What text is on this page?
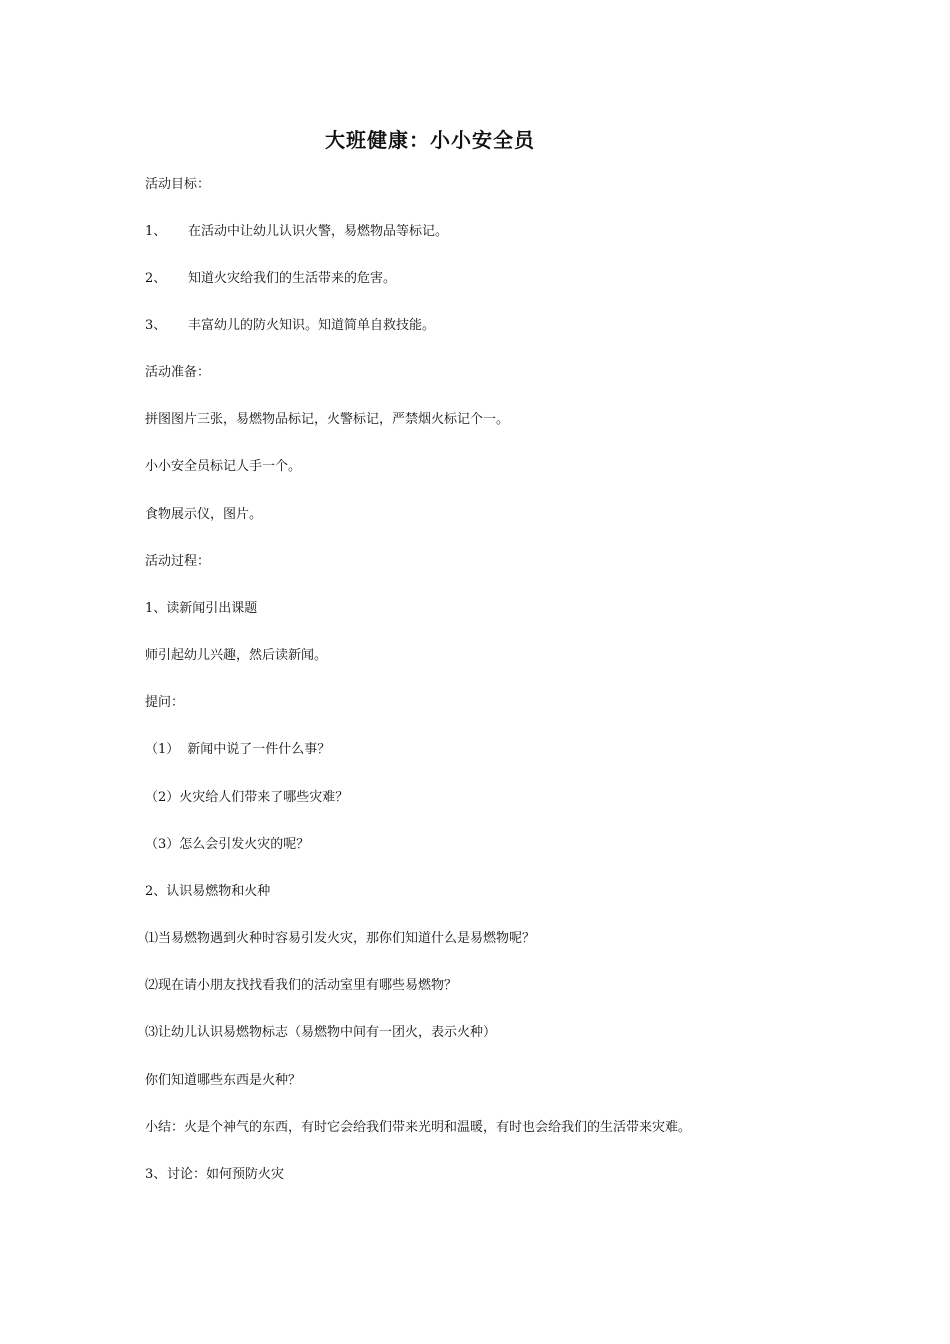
大班健康：小小安全员

活动目标：

1、 在活动中让幼儿认识火警，易燃物品等标记。

2、 知道火灾给我们的生活带来的危害。

3、 丰富幼儿的防火知识。知道简单自救技能。

活动准备：

拼图图片三张，易燃物品标记，火警标记，严禁烟火标记个一。

小小安全员标记人手一个。

食物展示仪，图片。

活动过程：

1、读新闻引出课题

师引起幼儿兴趣，然后读新闻。

提问：

（1） 新闻中说了一件什么事？

（2）火灾给人们带来了哪些灾难？

（3）怎么会引发火灾的呢？

2、认识易燃物和火种

⑴当易燃物遇到火种时容易引发火灾，那你们知道什么是易燃物呢？

⑵现在请小朋友找找看我们的活动室里有哪些易燃物？

⑶让幼儿认识易燃物标志（易燃物中间有一团火，表示火种）

你们知道哪些东西是火种？

小结：火是个神气的东西，有时它会给我们带来光明和温暖，有时也会给我们的生活带来灾难。

3、讨论：如何预防火灾
